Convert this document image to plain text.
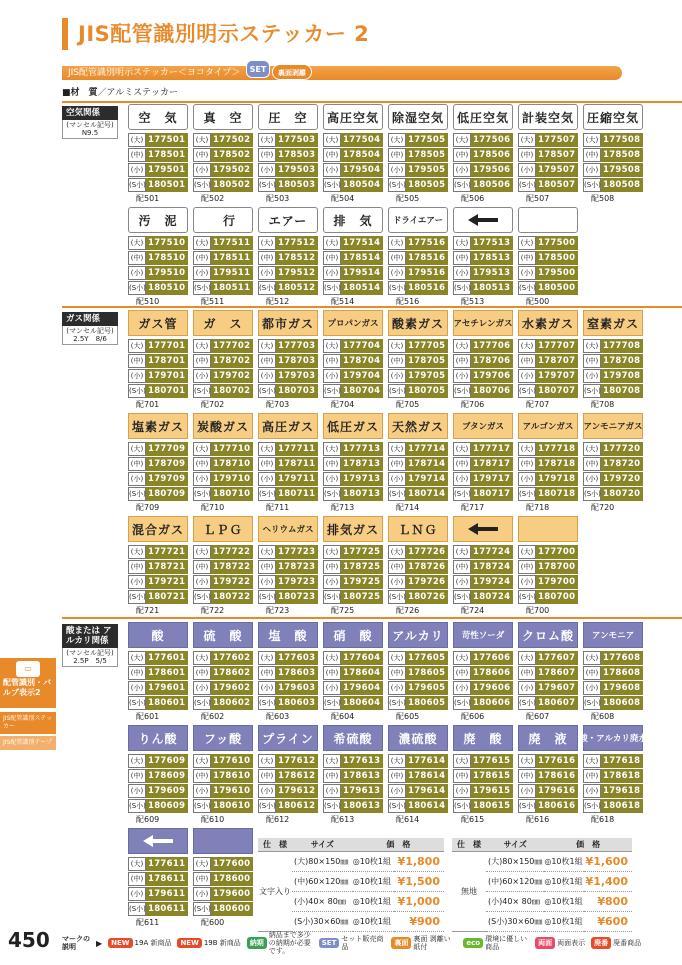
JIS配管識別明示ステッカー 2
JIS配管識別明示ステッカー＜ヨコタイプ＞	SET	裏面剥離
■材　質／アルミステッカー
空気関係
(マンセル記号)
N9.5
空　気
(大) 177501
(中) 178501
(小) 179501
(S小) 180501
配501
真　空
(大) 177502
(中) 178502
(小) 179502
(S小) 180502
配502
圧　空
(大) 177503
(中) 178503
(小) 179503
(S小) 180503
配503
高圧空気
(大) 177504
(中) 178504
(小) 179504
(S小) 180504
配504
除湿空気
(大) 177505
(中) 178505
(小) 179505
(S小) 180505
配505
低圧空気
(大) 177506
(中) 178506
(小) 179506
(S小) 180506
配506
計装空気
(大) 177507
(中) 178507
(小) 179507
(S小) 180507
配507
圧縮空気
(大) 177508
(中) 178508
(小) 179508
(S小) 180508
配508
汚　泥
(大) 177510
(中) 178510
(小) 179510
(S小) 180510
配510
　行
(大) 177511
(中) 178511
(小) 179511
(S小) 180511
配511
エアー
(大) 177512
(中) 178512
(小) 179512
(S小) 180512
配512
排　気
(大) 177514
(中) 178514
(小) 179514
(S小) 180514
配514
ドライエアー
(大) 177516
(中) 178516
(小) 179516
(S小) 180516
配516
(大) 177513
(中) 178513
(小) 179513
(S小) 180513
配513
(大) 177500
(中) 178500
(小) 179500
(S小) 180500
配500
ガス関係
(マンセル記号)
2.5Y　8/6
ガス管
(大) 177701
(中) 178701
(小) 179701
(S小) 180701
配701
ガ　ス
(大) 177702
(中) 178702
(小) 179702
(S小) 180702
配702
都市ガス
(大) 177703
(中) 178703
(小) 179703
(S小) 180703
配703
プロパンガス
(大) 177704
(中) 178704
(小) 179704
(S小) 180704
配704
酸素ガス
(大) 177705
(中) 178705
(小) 179705
(S小) 180705
配705
アセチレンガス
(大) 177706
(中) 178706
(小) 179706
(S小) 180706
配706
水素ガス
(大) 177707
(中) 178707
(小) 179707
(S小) 180707
配707
窒素ガス
(大) 177708
(中) 178708
(小) 179708
(S小) 180708
配708
塩素ガス
(大) 177709
(中) 178709
(小) 179709
(S小) 180709
配709
炭酸ガス
(大) 177710
(中) 178710
(小) 179710
(S小) 180710
配710
高圧ガス
(大) 177711
(中) 178711
(小) 179711
(S小) 180711
配711
低圧ガス
(大) 177713
(中) 178713
(小) 179713
(S小) 180713
配713
天然ガス
(大) 177714
(中) 178714
(小) 179714
(S小) 180714
配714
ブタンガス
(大) 177717
(中) 178717
(小) 179717
(S小) 180717
配717
アルゴンガス
(大) 177718
(中) 178718
(小) 179718
(S小) 180718
配718
アンモニアガス
(大) 177720
(中) 178720
(小) 179720
(S小) 180720
配720
混合ガス
(大) 177721
(中) 178721
(小) 179721
(S小) 180721
配721
ＬＰＧ
(大) 177722
(中) 178722
(小) 179722
(S小) 180722
配722
ヘリウムガス
(大) 177723
(中) 178723
(小) 179723
(S小) 180723
配723
排気ガス
(大) 177725
(中) 178725
(小) 179725
(S小) 180725
配725
ＬＮＧ
(大) 177726
(中) 178726
(小) 179726
(S小) 180726
配726
(大) 177724
(中) 178724
(小) 179724
(S小) 180724
配724
(大) 177700
(中) 178700
(小) 179700
(S小) 180700
配700
酸または アルカリ関係
(マンセル記号)
2.5P　5/5
酸
(大) 177601
(中) 178601
(小) 179601
(S小) 180601
配601
硫　酸
(大) 177602
(中) 178602
(小) 179602
(S小) 180602
配602
塩　酸
(大) 177603
(中) 178603
(小) 179603
(S小) 180603
配603
硝　酸
(大) 177604
(中) 178604
(小) 179604
(S小) 180604
配604
アルカリ
(大) 177605
(中) 178605
(小) 179605
(S小) 180605
配605
苛性ソーダ
(大) 177606
(中) 178606
(小) 179606
(S小) 180606
配606
クロム酸
(大) 177607
(中) 178607
(小) 179607
(S小) 180607
配607
アンモニア
(大) 177608
(中) 178608
(小) 179608
(S小) 180608
配608
りん酸
(大) 177609
(中) 178609
(小) 179609
(S小) 180609
配609
フッ酸
(大) 177610
(中) 178610
(小) 179610
(S小) 180610
配610
プライン
(大) 177612
(中) 178612
(小) 179612
(S小) 180612
配612
希硫酸
(大) 177613
(中) 178613
(小) 179613
(S小) 180613
配613
濃硫酸
(大) 177614
(中) 178614
(小) 179614
(S小) 180614
配614
廃　酸
(大) 177615
(中) 178615
(小) 179615
(S小) 180615
配615
廃　液
(大) 177616
(中) 178616
(小) 179616
(S小) 180616
配616
酸・アルカリ廃水
(大) 177618
(中) 178618
(小) 179618
(S小) 180618
配618
(大) 177611
(中) 178611
(小) 179611
(S小) 180611
配611
(大) 177600
(中) 178600
(小) 179600
(S小) 180600
配600
仕　様	サイズ	価　格	
文字入り	(大)80×150㎜	◎10枚1組	¥1,800
	(中)60×120㎜	◎10枚1組	¥1,500
	(小)40× 80㎜	◎10枚1組	¥1,000
	(S小)30×60㎜	◎10枚1組	¥900
仕　様	サイズ	価　格	
無地	(大)80×150㎜	◎10枚1組	¥1,600
	(中)60×120㎜	◎10枚1組	¥1,400
	(小)40× 80㎜	◎10枚1組	¥800
	(S小)30×60㎜	◎10枚1組	¥600
▭
配管識別・バルブ表示2
JIS配管識別ステッカー
JIS配管識別テープ
450 マークの説明	▶	NEW 19A 新商品	NEW 19B 新商品	納期
納品まで多少の納期が必要です。
SET セット販売商品	裏面 裏面 剥離い紙付	eco 環境に優しい商品	両面 両面表示	廃番 廃番商品
